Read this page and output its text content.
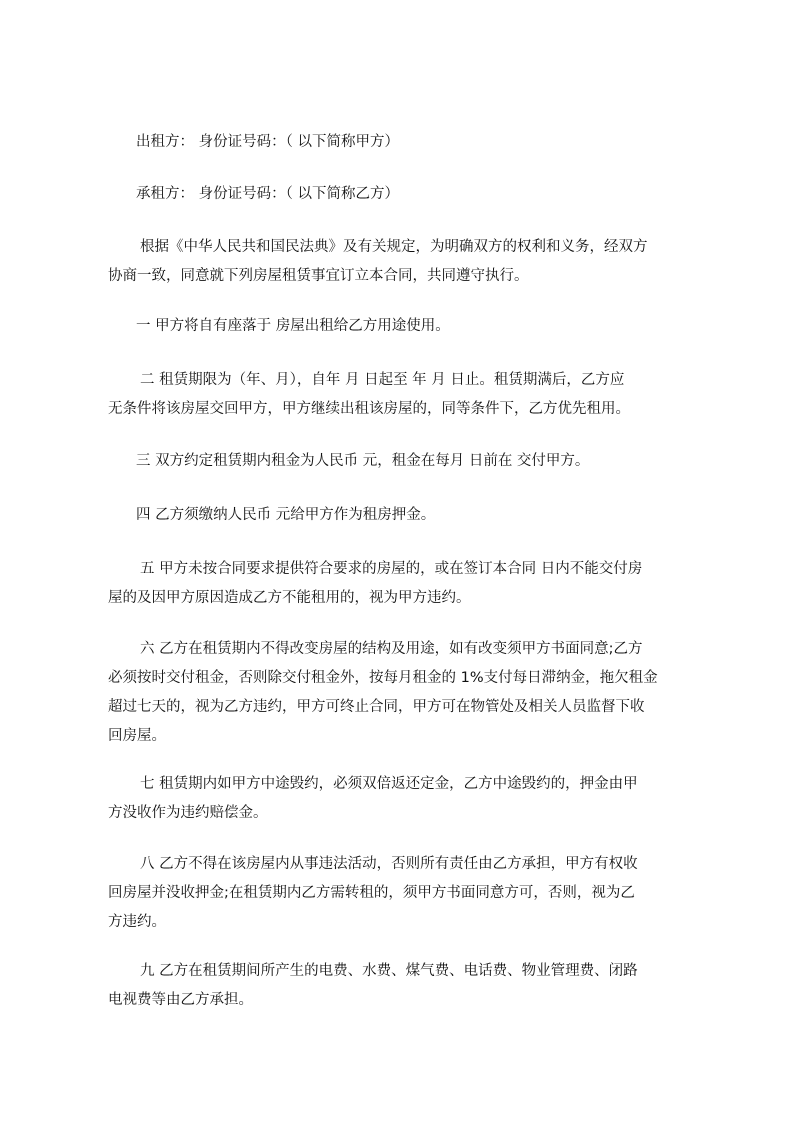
出租方： 身份证号码：（ 以下简称甲方）

承租方： 身份证号码：（ 以下简称乙方）

根据《中华人民共和国民法典》及有关规定，为明确双方的权利和义务，经双方

协商一致，同意就下列房屋租赁事宜订立本合同，共同遵守执行。

一 甲方将自有座落于 房屋出租给乙方用途使用。

二 租赁期限为（年、月），自年 月 日起至 年 月 日止。租赁期满后，乙方应

无条件将该房屋交回甲方，甲方继续出租该房屋的，同等条件下，乙方优先租用。

三 双方约定租赁期内租金为人民币 元，租金在每月 日前在 交付甲方。

四 乙方须缴纳人民币 元给甲方作为租房押金。

五 甲方未按合同要求提供符合要求的房屋的，或在签订本合同 日内不能交付房

屋的及因甲方原因造成乙方不能租用的，视为甲方违约。

六 乙方在租赁期内不得改变房屋的结构及用途，如有改变须甲方书面同意;乙方

必须按时交付租金，否则除交付租金外，按每月租金的 1%支付每日滞纳金，拖欠租金

超过七天的，视为乙方违约，甲方可终止合同，甲方可在物管处及相关人员监督下收

回房屋。

七 租赁期内如甲方中途毁约，必须双倍返还定金，乙方中途毁约的，押金由甲

方没收作为违约赔偿金。

八 乙方不得在该房屋内从事违法活动，否则所有责任由乙方承担，甲方有权收

回房屋并没收押金;在租赁期内乙方需转租的，须甲方书面同意方可，否则，视为乙

方违约。

九 乙方在租赁期间所产生的电费、水费、煤气费、电话费、物业管理费、闭路

电视费等由乙方承担。
